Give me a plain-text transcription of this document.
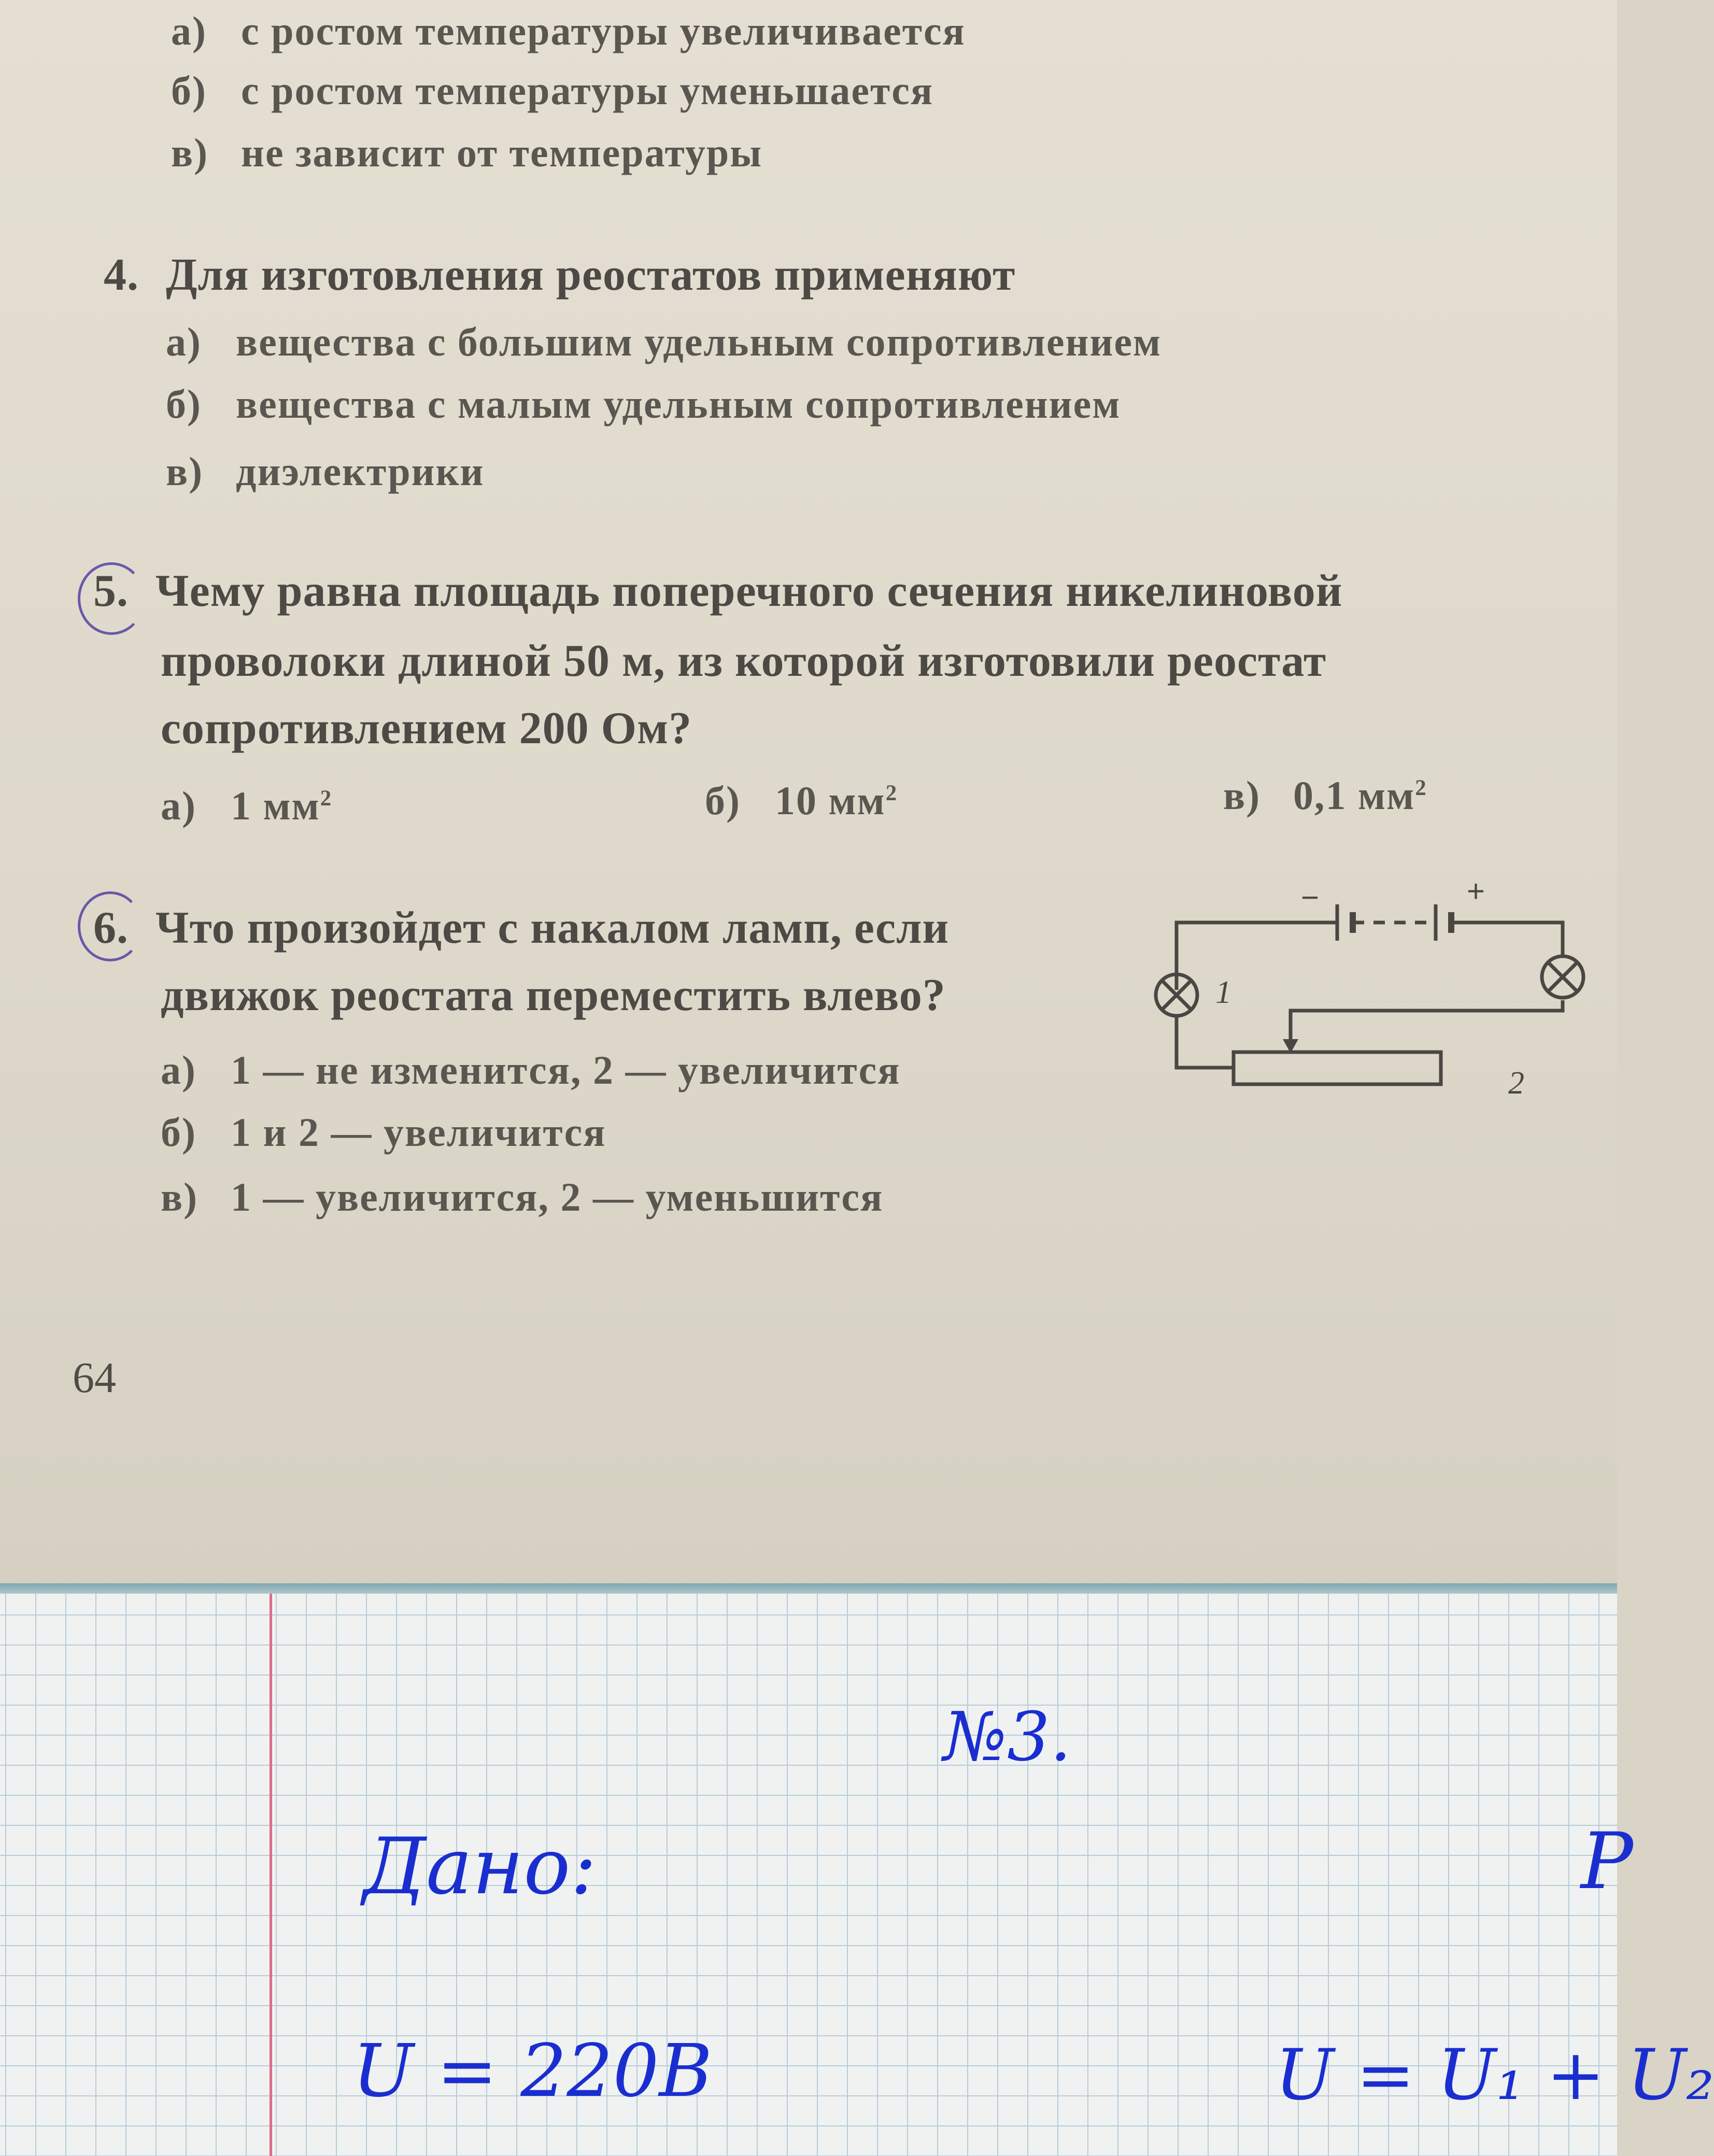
а) с ростом температуры увеличивается
б) с ростом температуры уменьшается
в) не зависит от температуры
4. Для изготовления реостатов применяют
а) вещества с большим удельным сопротивлением
б) вещества с малым удельным сопротивлением
в) диэлектрики
5. Чему равна площадь поперечного сечения никелиновой
проволоки длиной 50 м, из которой изготовили реостат
сопротивлением 200 Ом?
а) 1 $мм^2$	б) 10 $мм^2$	в) 0,1 $мм^2$
6. Что произойдет с накалом ламп, если
движок реостата переместить влево?
а) 1 — не изменится, 2 — увеличится
б) 1 и 2 — увеличится
в) 1 — увеличится, 2 — уменьшится
−	+
1
2
64
№3.
Дано:
U = 220В	U = U₁ + U₂
Р
